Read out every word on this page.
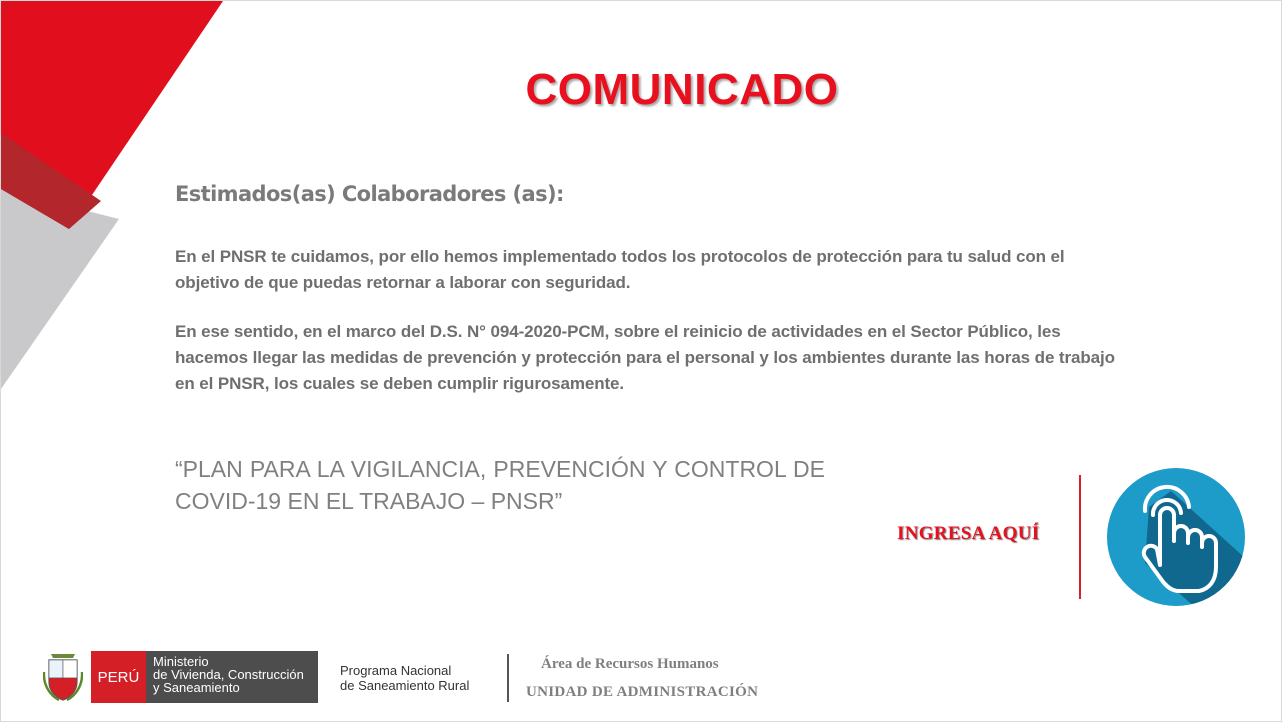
COMUNICADO
Estimados(as) Colaboradores (as):
En el PNSR te cuidamos, por ello hemos implementado todos los protocolos de protección para tu salud con el objetivo de que puedas retornar a laborar con seguridad.
En ese sentido, en el marco del D.S. N° 094-2020-PCM, sobre el reinicio de actividades en el Sector Público, les hacemos llegar las medidas de prevención y protección para el personal y los ambientes durante las horas de trabajo en el PNSR, los cuales se deben cumplir rigurosamente.
“PLAN PARA LA VIGILANCIA, PREVENCIÓN Y CONTROL DE COVID-19 EN EL TRABAJO – PNSR”
INGRESA AQUÍ
PERÚ
Ministerio
de Vivienda, Construcción
y Saneamiento
Programa Nacional
de Saneamiento Rural
Área de Recursos Humanos
UNIDAD DE ADMINISTRACIÓN
